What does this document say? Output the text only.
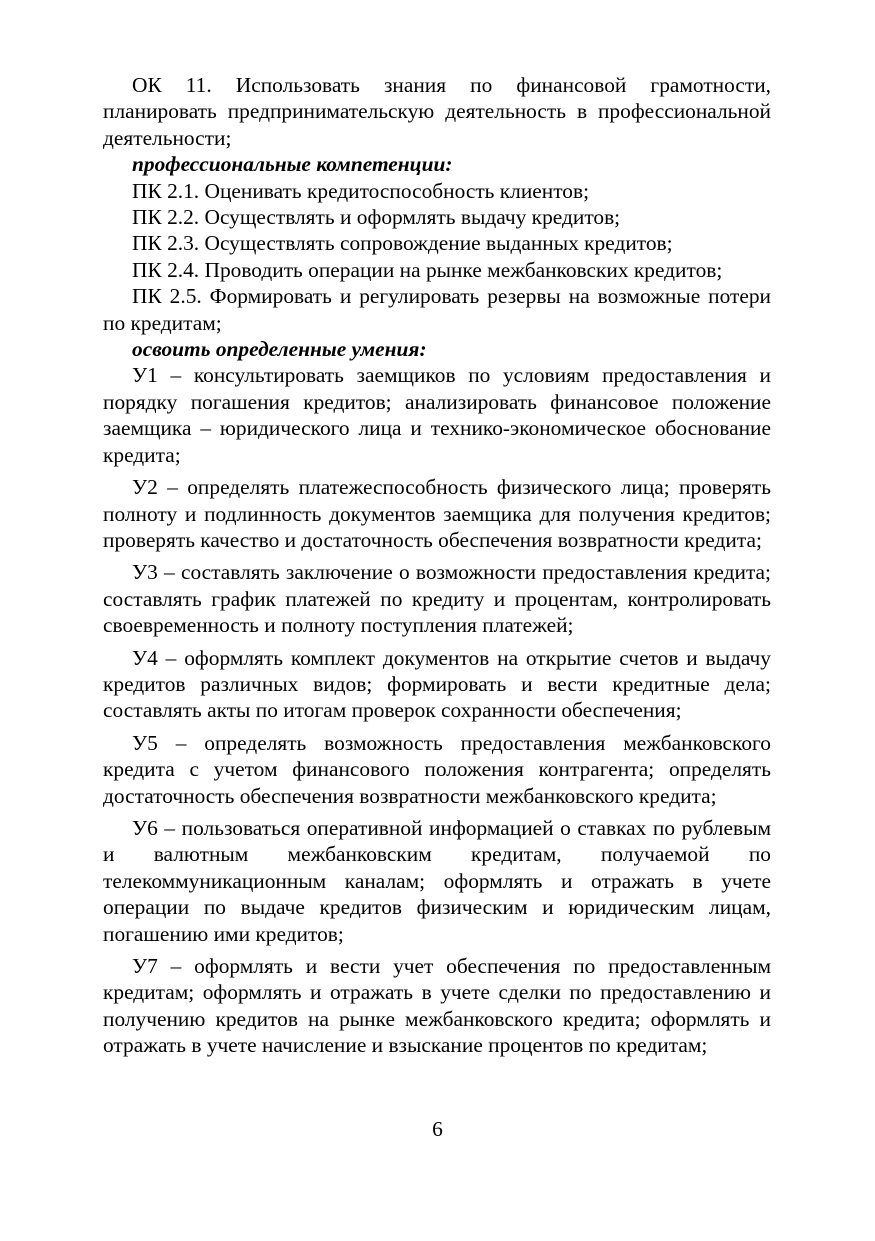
ОК 11. Использовать знания по финансовой грамотности, планировать предпринимательскую деятельность в профессиональной деятельности;

профессиональные компетенции:

ПК 2.1. Оценивать кредитоспособность клиентов;

ПК 2.2. Осуществлять и оформлять выдачу кредитов;

ПК 2.3. Осуществлять сопровождение выданных кредитов;

ПК 2.4. Проводить операции на рынке межбанковских кредитов;

ПК 2.5. Формировать и регулировать резервы на возможные потери по кредитам;

освоить определенные умения:

У1 – консультировать заемщиков по условиям предоставления и порядку погашения кредитов; анализировать финансовое положение заемщика – юридического лица и технико-экономическое обоснование кредита;

У2 – определять платежеспособность физического лица; проверять полноту и подлинность документов заемщика для получения кредитов; проверять качество и достаточность обеспечения возвратности кредита;

У3 – составлять заключение о возможности предоставления кредита; составлять график платежей по кредиту и процентам, контролировать своевременность и полноту поступления платежей;

У4 – оформлять комплект документов на открытие счетов и выдачу кредитов различных видов; формировать и вести кредитные дела; составлять акты по итогам проверок сохранности обеспечения;

У5 – определять возможность предоставления межбанковского кредита с учетом финансового положения контрагента; определять достаточность обеспечения возвратности межбанковского кредита;

У6 – пользоваться оперативной информацией о ставках по рублевым и валютным межбанковским кредитам, получаемой по телекоммуникационным каналам; оформлять и отражать в учете операции по выдаче кредитов физическим и юридическим лицам, погашению ими кредитов;

У7 – оформлять и вести учет обеспечения по предоставленным кредитам; оформлять и отражать в учете сделки по предоставлению и получению кредитов на рынке межбанковского кредита; оформлять и отражать в учете начисление и взыскание процентов по кредитам;

6
